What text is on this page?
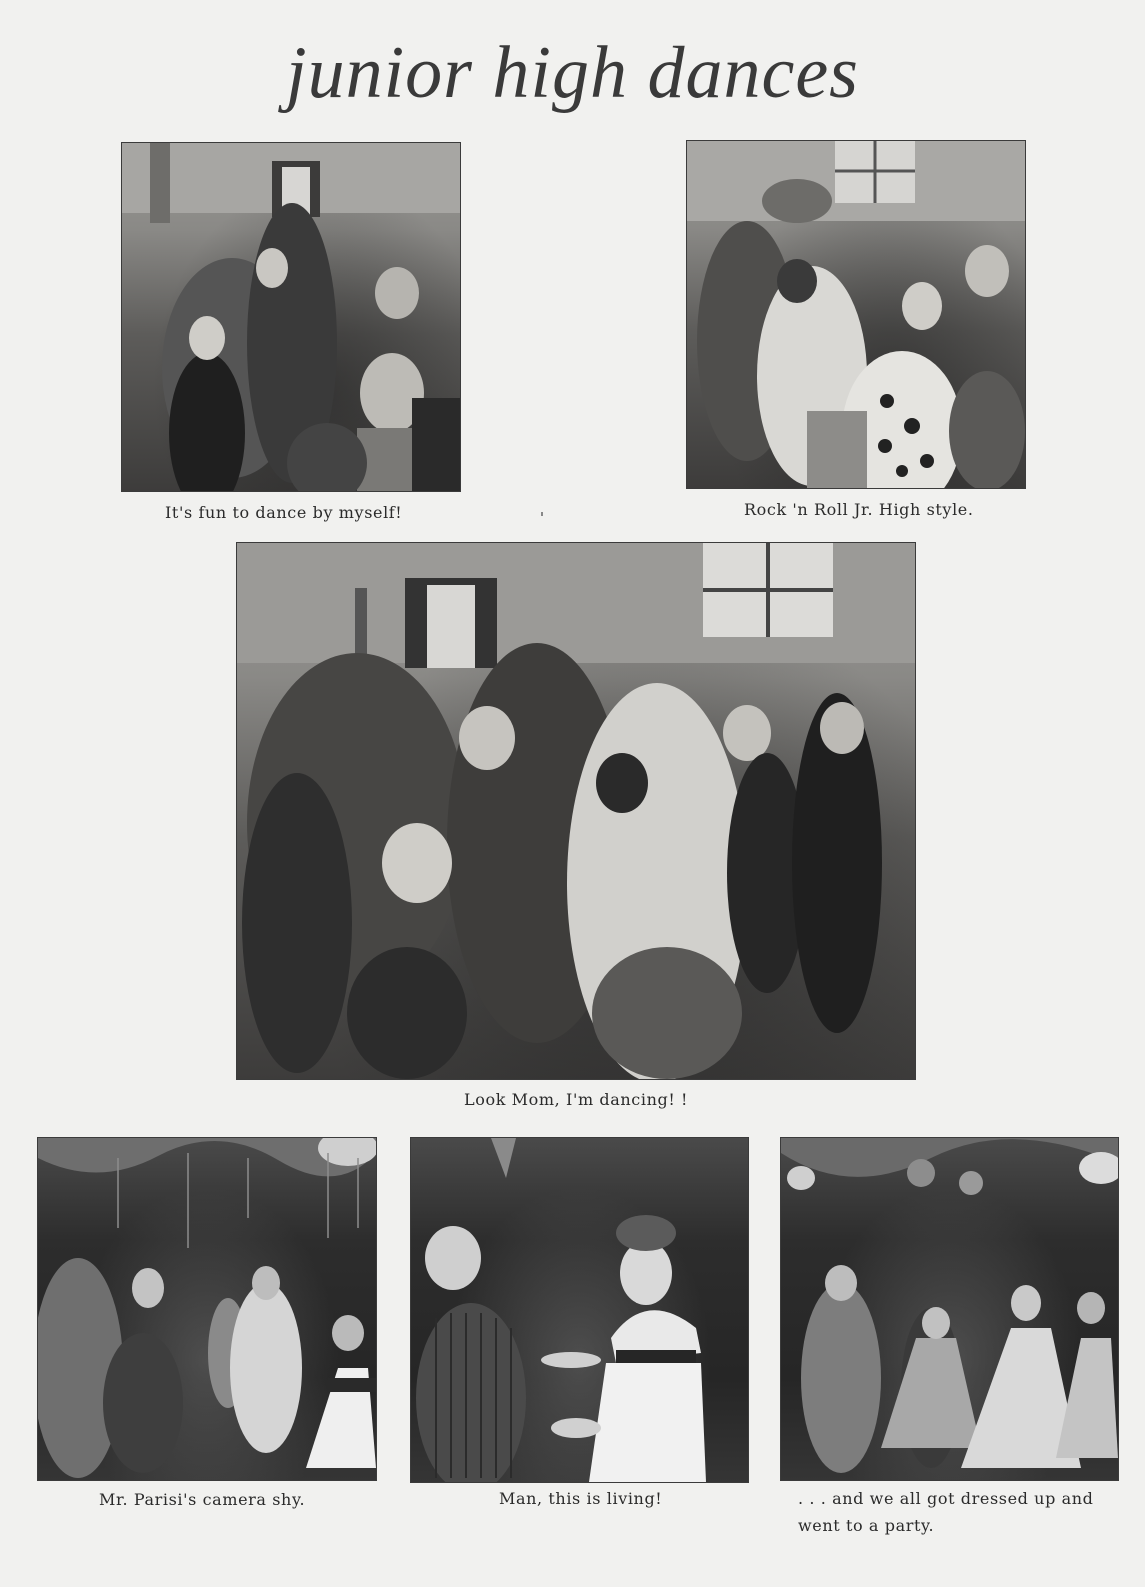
junior high dances
It's fun to dance by myself!	Rock 'n Roll Jr. High style.
Look Mom, I'm dancing! !
Mr. Parisi's camera shy.	Man, this is living!	. . . and we all got dressed up and went to a party.
